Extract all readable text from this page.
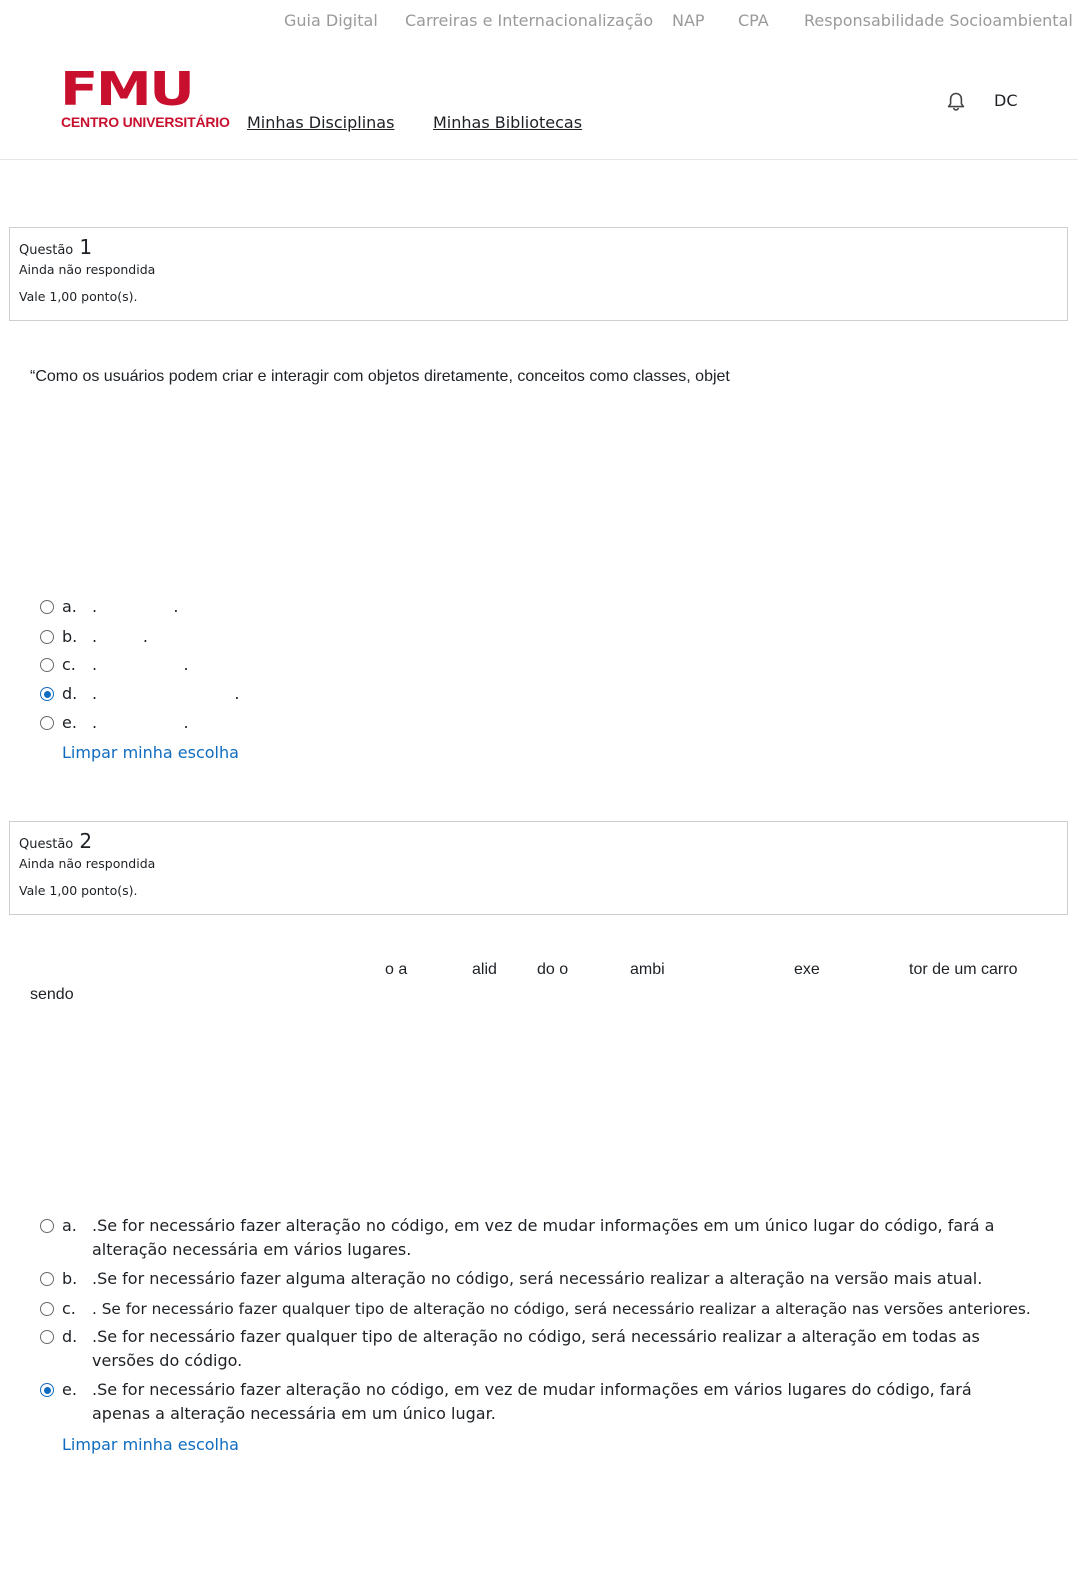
Guia Digital Carreiras e Internacionalização NAP CPA Responsabilidade Socioambiental
FMU
CENTRO UNIVERSITÁRIO Minhas Disciplinas Minhas Bibliotecas
DC
Questão 1
Ainda não respondida
Vale 1,00 ponto(s).
“Como os usuários podem criar e interagir com objetos diretamente, conceitos como classes, objet
a. .               .
b. .         .
c. .                 .
d. .                           .
e. .                 .
Limpar minha escolha
Questão 2
Ainda não respondida
Vale 1,00 ponto(s).
o a	alid	do o	ambi	exe	tor de um carro
sendo
a. .Se for necessário fazer alteração no código, em vez de mudar informações em um único lugar do código, fará a alteração necessária em vários lugares.
b. .Se for necessário fazer alguma alteração no código, será necessário realizar a alteração na versão mais atual.
c. . Se for necessário fazer qualquer tipo de alteração no código, será necessário realizar a alteração nas versões anteriores.
d. .Se for necessário fazer qualquer tipo de alteração no código, será necessário realizar a alteração em todas as versões do código.
e. .Se for necessário fazer alteração no código, em vez de mudar informações em vários lugares do código, fará apenas a alteração necessária em um único lugar.
Limpar minha escolha
